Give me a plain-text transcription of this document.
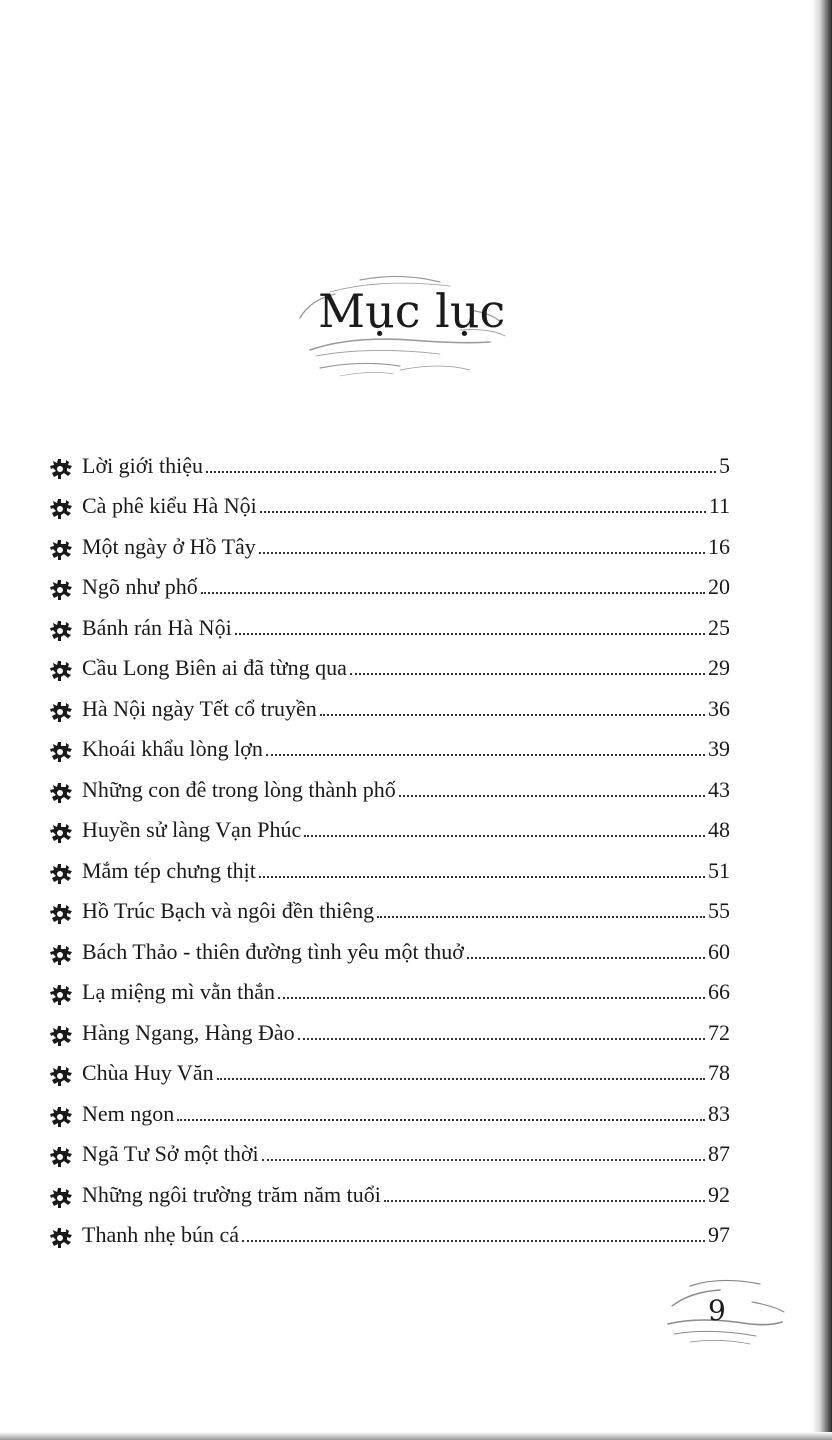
Mục lục
Lời giới thiệu	5
Cà phê kiểu Hà Nội	11
Một ngày ở Hồ Tây	16
Ngõ như phố	20
Bánh rán Hà Nội	25
Cầu Long Biên ai đã từng qua	29
Hà Nội ngày Tết cổ truyền	36
Khoái khẩu lòng lợn	39
Những con đê trong lòng thành phố	43
Huyền sử làng Vạn Phúc	48
Mắm tép chưng thịt	51
Hồ Trúc Bạch và ngôi đền thiêng	55
Bách Thảo - thiên đường tình yêu một thuở	60
Lạ miệng mì vằn thắn	66
Hàng Ngang, Hàng Đào	72
Chùa Huy Văn	78
Nem ngon	83
Ngã Tư Sở một thời	87
Những ngôi trường trăm năm tuổi	92
Thanh nhẹ bún cá	97
9
